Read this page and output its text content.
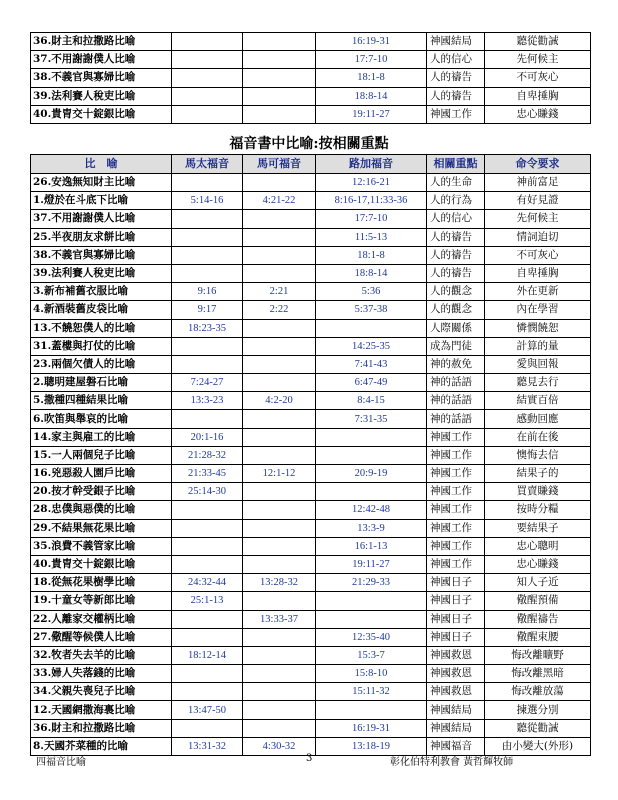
36.財主和拉撒路比喻			16:19-31	神國結局	聽從勸誡
37.不用謝謝僕人比喻			17:7-10	人的信心	先何候主
38.不義官與寡婦比喻			18:1-8	人的禱告	不可灰心
39.法利賽人稅吏比喻			18:8-14	人的禱告	自卑捶胸
40.貴胄交十錠銀比喻			19:11-27	神國工作	忠心賺錢
福音書中比喻:按相關重點
比　喻	馬太福音	馬可福音	路加福音	相關重點	命令要求
26.安逸無知財主比喻			12:16-21	人的生命	神前富足
1.燈於在斗底下比喻	5:14-16	4:21-22	8:16-17,11:33-36	人的行為	有好見證
37.不用謝謝僕人比喻			17:7-10	人的信心	先何候主
25.半夜朋友求餅比喻			11:5-13	人的禱告	情詞迫切
38.不義官與寡婦比喻			18:1-8	人的禱告	不可灰心
39.法利賽人稅吏比喻			18:8-14	人的禱告	自卑捶胸
3.新布補舊衣服比喻	9:16	2:21	5:36	人的觀念	外在更新
4.新酒裝舊皮袋比喻	9:17	2:22	5:37-38	人的觀念	內在學習
13.不饒恕僕人的比喻	18:23-35			人際關係	憐憫饒恕
31.蓋樓與打仗的比喻			14:25-35	成為門徒	計算的量
23.兩個欠債人的比喻			7:41-43	神的赦免	愛與回報
2.聰明建屋磐石比喻	7:24-27		6:47-49	神的話語	聽見去行
5.撒種四種結果比喻	13:3-23	4:2-20	8:4-15	神的話語	結實百倍
6.吹笛與舉哀的比喻			7:31-35	神的話語	感動回應
14.家主與雇工的比喻	20:1-16			神國工作	在前在後
15.一人兩個兒子比喻	21:28-32			神國工作	懊悔去信
16.兇惡殺人園戶比喻	21:33-45	12:1-12	20:9-19	神國工作	結果子的
20.按才幹受銀子比喻	25:14-30			神國工作	買賣賺錢
28.忠僕與惡僕的比喻			12:42-48	神國工作	按時分糧
29.不結果無花果比喻			13:3-9	神國工作	要結果子
35.浪費不義管家比喻			16:1-13	神國工作	忠心聰明
40.貴胄交十錠銀比喻			19:11-27	神國工作	忠心賺錢
18.從無花果樹學比喻	24:32-44	13:28-32	21:29-33	神國日子	知人子近
19.十童女等新郎比喻	25:1-13			神國日子	儆醒預備
22.人離家交權柄比喻		13:33-37		神國日子	儆醒禱告
27.儆醒等候僕人比喻			12:35-40	神國日子	儆醒束腰
32.牧者失去羊的比喻	18:12-14		15:3-7	神國救恩	悔改離曠野
33.婦人失落錢的比喻			15:8-10	神國救恩	悔改離黑暗
34.父親失喪兒子比喻			15:11-32	神國救恩	悔改離放蕩
12.天國網撒海裏比喻	13:47-50			神國結局	揀選分別
36.財主和拉撒路比喻			16:19-31	神國結局	聽從勸誡
8.天國芥菜種的比喻	13:31-32	4:30-32	13:18-19	神國福音	由小變大(外形)
四福音比喻	3	彰化伯特利教會 黃哲輝牧師
